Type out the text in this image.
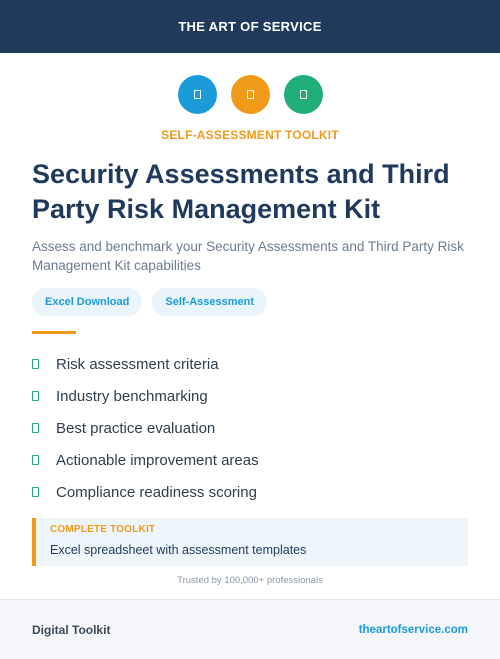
THE ART OF SERVICE
SELF-ASSESSMENT TOOLKIT
Security Assessments and Third Party Risk Management Kit

Assess and benchmark your Security Assessments and Third Party Risk Management Kit capabilities

Excel Download	Self-Assessment
Risk assessment criteria
Industry benchmarking
Best practice evaluation
Actionable improvement areas
Compliance readiness scoring
COMPLETE TOOLKIT
Excel spreadsheet with assessment templates
Trusted by 100,000+ professionals
Digital Toolkit	theartofservice.com
